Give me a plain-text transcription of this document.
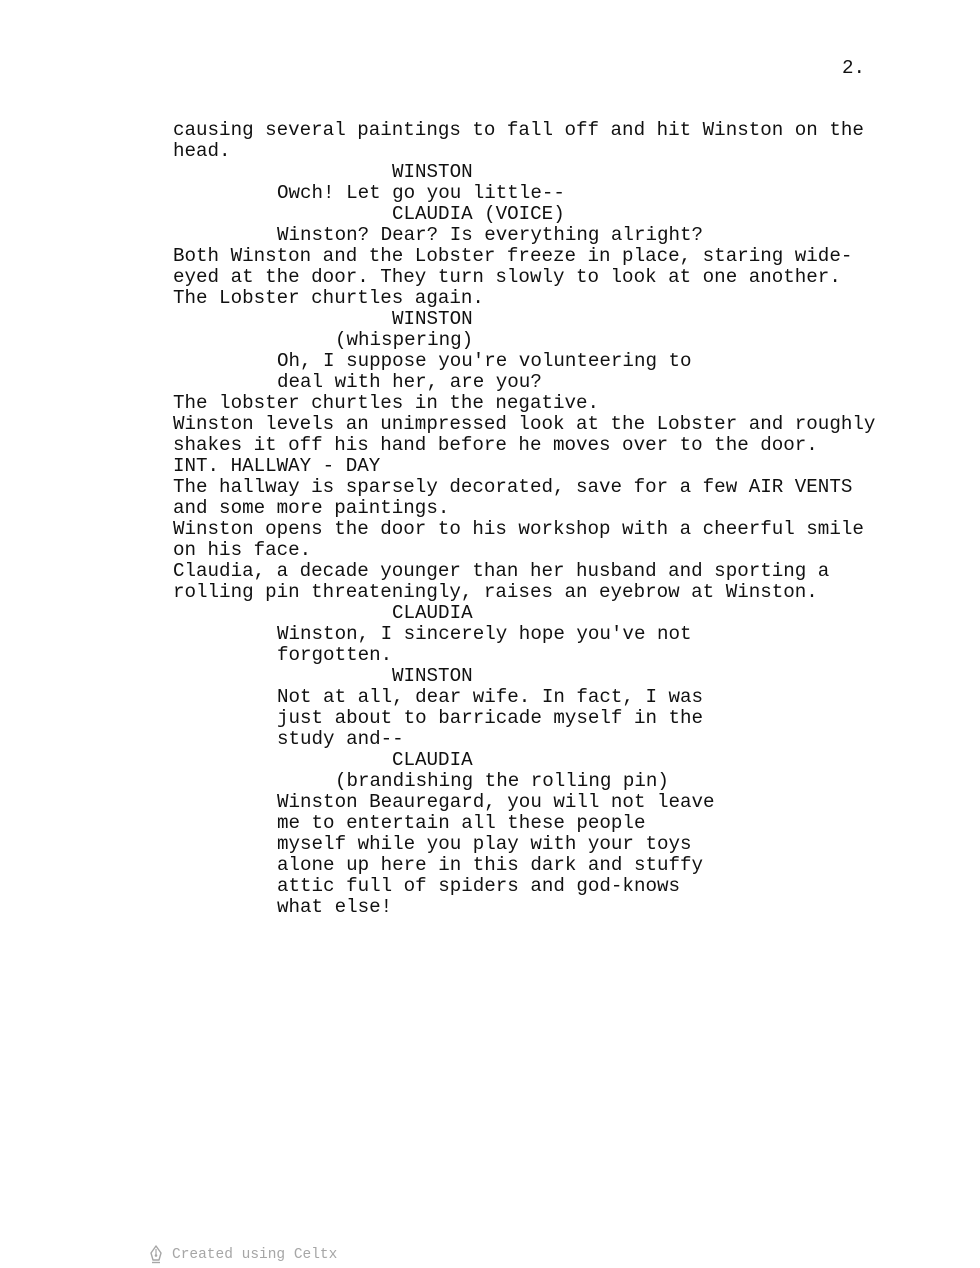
2.
causing several paintings to fall off and hit Winston on the
head.
WINSTON
Owch! Let go you little--
CLAUDIA (VOICE)
Winston? Dear? Is everything alright?
Both Winston and the Lobster freeze in place, staring wide-
eyed at the door. They turn slowly to look at one another.
The Lobster churtles again.
WINSTON
(whispering)
Oh, I suppose you're volunteering to
deal with her, are you?
The lobster churtles in the negative.
Winston levels an unimpressed look at the Lobster and roughly
shakes it off his hand before he moves over to the door.
INT. HALLWAY - DAY
The hallway is sparsely decorated, save for a few AIR VENTS
and some more paintings.
Winston opens the door to his workshop with a cheerful smile
on his face.
Claudia, a decade younger than her husband and sporting a
rolling pin threateningly, raises an eyebrow at Winston.
CLAUDIA
Winston, I sincerely hope you've not
forgotten.
WINSTON
Not at all, dear wife. In fact, I was
just about to barricade myself in the
study and--
CLAUDIA
(brandishing the rolling pin)
Winston Beauregard, you will not leave
me to entertain all these people
myself while you play with your toys
alone up here in this dark and stuffy
attic full of spiders and god-knows
what else!
Created using Celtx
